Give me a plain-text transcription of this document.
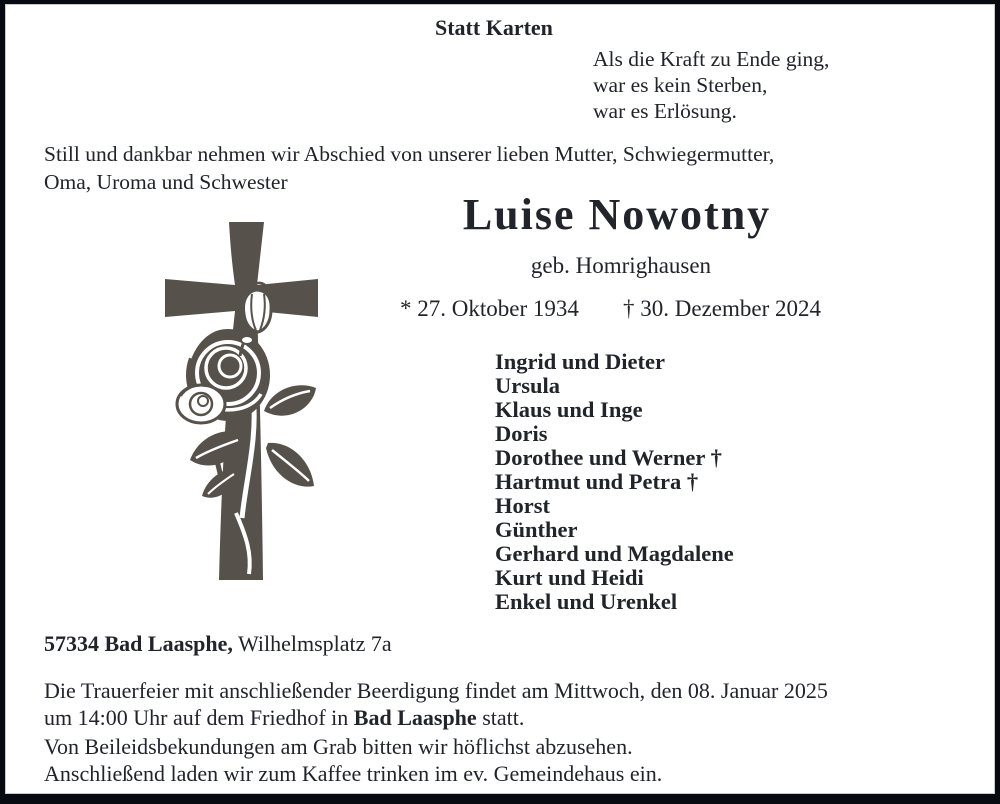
Statt Karten
Als die Kraft zu Ende ging,
war es kein Sterben,
war es Erlösung.
Still und dankbar nehmen wir Abschied von unserer lieben Mutter, Schwiegermutter,
Oma, Uroma und Schwester
Luise Nowotny
geb. Homrighausen
* 27. Oktober 1934 † 30. Dezember 2024
Ingrid und Dieter
Ursula
Klaus und Inge
Doris
Dorothee und Werner †
Hartmut und Petra †
Horst
Günther
Gerhard und Magdalene
Kurt und Heidi
Enkel und Urenkel
57334 Bad Laasphe, Wilhelmsplatz 7a
Die Trauerfeier mit anschließender Beerdigung findet am Mittwoch, den 08. Januar 2025
um 14:00 Uhr auf dem Friedhof in Bad Laasphe statt.
Von Beileidsbekundungen am Grab bitten wir höflichst abzusehen.
Anschließend laden wir zum Kaffee trinken im ev. Gemeindehaus ein.
